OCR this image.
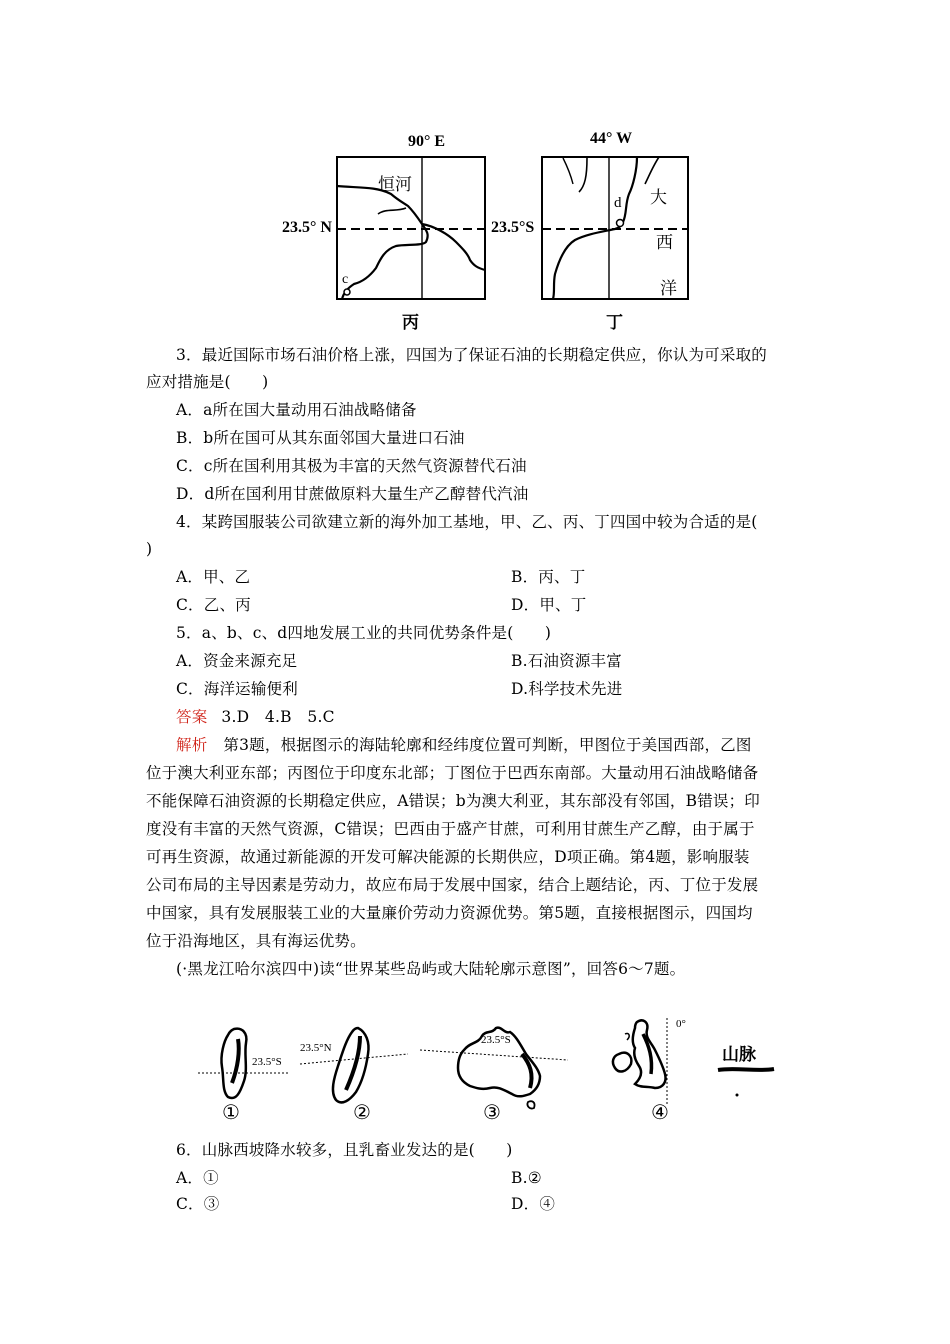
90° E
23.5° N
恒河
c
丙
44° W
23.5°S
d 大
西
洋
丁
3．最近国际市场石油价格上涨，四国为了保证石油的长期稳定供应，你认为可采取的
应对措施是(　　)
A．a所在国大量动用石油战略储备
B．b所在国可从其东面邻国大量进口石油
C．c所在国利用其极为丰富的天然气资源替代石油
D．d所在国利用甘蔗做原料大量生产乙醇替代汽油
4．某跨国服装公司欲建立新的海外加工基地，甲、乙、丙、丁四国中较为合适的是(
)
A．甲、乙	B．丙、丁
C．乙、丙	D．甲、丁
5．a、b、c、d四地发展工业的共同优势条件是(　　)
A．资金来源充足	B.石油资源丰富
C．海洋运输便利	D.科学技术先进
答案 3.D　4.B　5.C
解析 第3题，根据图示的海陆轮廓和经纬度位置可判断，甲图位于美国西部，乙图
位于澳大利亚东部；丙图位于印度东北部；丁图位于巴西东南部。大量动用石油战略储备
不能保障石油资源的长期稳定供应，A错误；b为澳大利亚，其东部没有邻国，B错误；印
度没有丰富的天然气资源，C错误；巴西由于盛产甘蔗，可利用甘蔗生产乙醇，由于属于
可再生资源，故通过新能源的开发可解决能源的长期供应，D项正确。第4题，影响服装
公司布局的主导因素是劳动力，故应布局于发展中国家，结合上题结论，丙、丁位于发展
中国家，具有发展服装工业的大量廉价劳动力资源优势。第5题，直接根据图示，四国均
位于沿海地区，具有海运优势。
(·黑龙江哈尔滨四中)读“世界某些岛屿或大陆轮廓示意图”，回答6～7题。
23.5°S
①
23.5°N
②
23.5°S
③
0°
④
山脉
6．山脉西坡降水较多，且乳畜业发达的是(　　)
A．①	B.②
C．③	D．④
